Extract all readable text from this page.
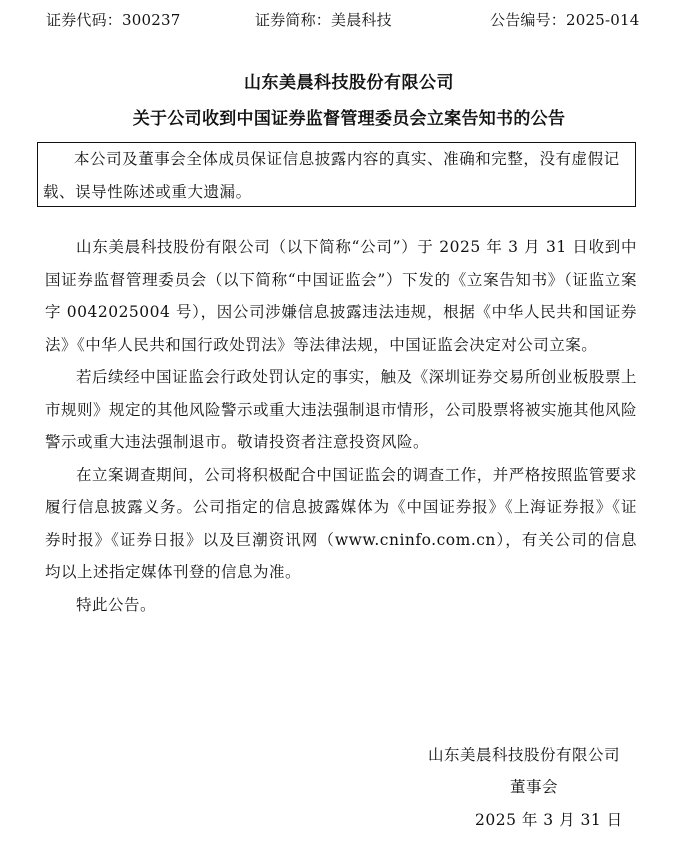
证券代码：300237	证券简称：美晨科技	公告编号：2025-014
山东美晨科技股份有限公司
关于公司收到中国证券监督管理委员会立案告知书的公告

本公司及董事会全体成员保证信息披露内容的真实、准确和完整，没有虚假记载、误导性陈述或重大遗漏。

山东美晨科技股份有限公司（以下简称“公司”）于 2025 年 3 月 31 日收到中国证券监督管理委员会（以下简称“中国证监会”）下发的《立案告知书》（证监立案字 0042025004 号），因公司涉嫌信息披露违法违规，根据《中华人民共和国证券法》《中华人民共和国行政处罚法》等法律法规，中国证监会决定对公司立案。

若后续经中国证监会行政处罚认定的事实，触及《深圳证券交易所创业板股票上市规则》规定的其他风险警示或重大违法强制退市情形，公司股票将被实施其他风险警示或重大违法强制退市。敬请投资者注意投资风险。

在立案调查期间，公司将积极配合中国证监会的调查工作，并严格按照监管要求履行信息披露义务。公司指定的信息披露媒体为《中国证券报》《上海证券报》《证券时报》《证券日报》以及巨潮资讯网（www.cninfo.com.cn），有关公司的信息均以上述指定媒体刊登的信息为准。

特此公告。

山东美晨科技股份有限公司
董事会
2025 年 3 月 31 日
